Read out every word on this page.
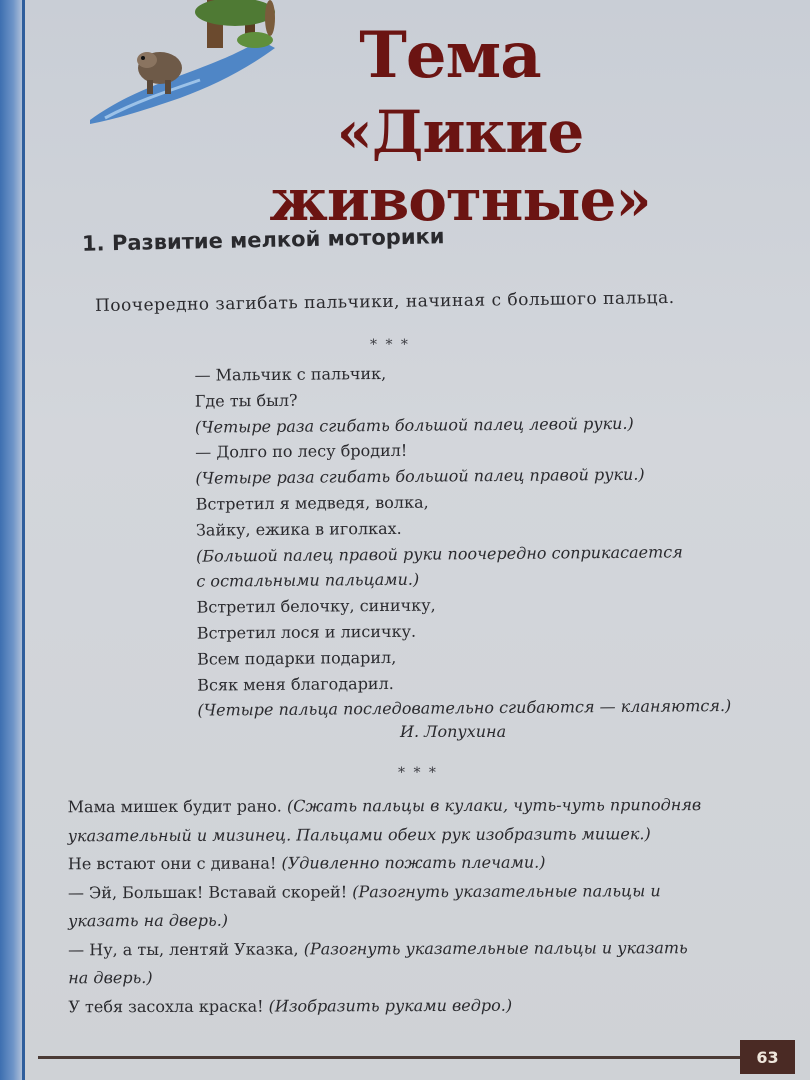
Тема
«Дикие животные»
1. Развитие мелкой моторики
Поочередно загибать пальчики, начиная с большого пальца.
* * *
— Мальчик с пальчик,
Где ты был?
(Четыре раза сгибать большой палец левой руки.)
— Долго по лесу бродил!
(Четыре раза сгибать большой палец правой руки.)
Встретил я медведя, волка,
Зайку, ежика в иголках.
(Большой палец правой руки поочередно соприкасается
с остальными пальцами.)
Встретил белочку, синичку,
Встретил лося и лисичку.
Всем подарки подарил,
Всяк меня благодарил.
(Четыре пальца последовательно сгибаются — кланяются.)
И. Лопухина
* * *
Мама мишек будит рано. (Сжать пальцы в кулаки, чуть-чуть приподняв
указательный и мизинец. Пальцами обеих рук изобразить мишек.)
Не встают они с дивана! (Удивленно пожать плечами.)
— Эй, Большак! Вставай скорей! (Разогнуть указательные пальцы и
указать на дверь.)
— Ну, а ты, лентяй Указка, (Разогнуть указательные пальцы и указать
на дверь.)
У тебя засохла краска! (Изобразить руками ведро.)
63
